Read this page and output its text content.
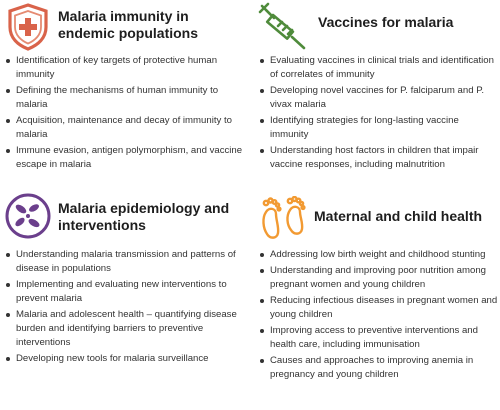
Malaria immunity in
endemic populations
Identification of key targets of protective human immunity
Defining the mechanisms of human immunity to malaria
Acquisition, maintenance and decay of immunity to malaria
Immune evasion, antigen polymorphism, and vaccine escape in malaria
Vaccines for malaria
Evaluating vaccines in clinical trials and identification of correlates of immunity
Developing novel vaccines for P. falciparum and P. vivax malaria
Identifying strategies for long-lasting vaccine immunity
Understanding host factors in children that impair vaccine responses, including malnutrition
Malaria epidemiology and
interventions
Understanding malaria transmission and patterns of disease in populations
Implementing and evaluating new interventions to prevent malaria
Malaria and adolescent health – quantifying disease burden and identifying barriers to preventive interventions
Developing new tools for malaria surveillance
Maternal and child health
Addressing low birth weight and childhood stunting
Understanding and improving poor nutrition among pregnant women and young children
Reducing infectious diseases in pregnant women and young children
Improving access to preventive interventions and health care, including immunisation
Causes and approaches to improving anemia in pregnancy and young children
